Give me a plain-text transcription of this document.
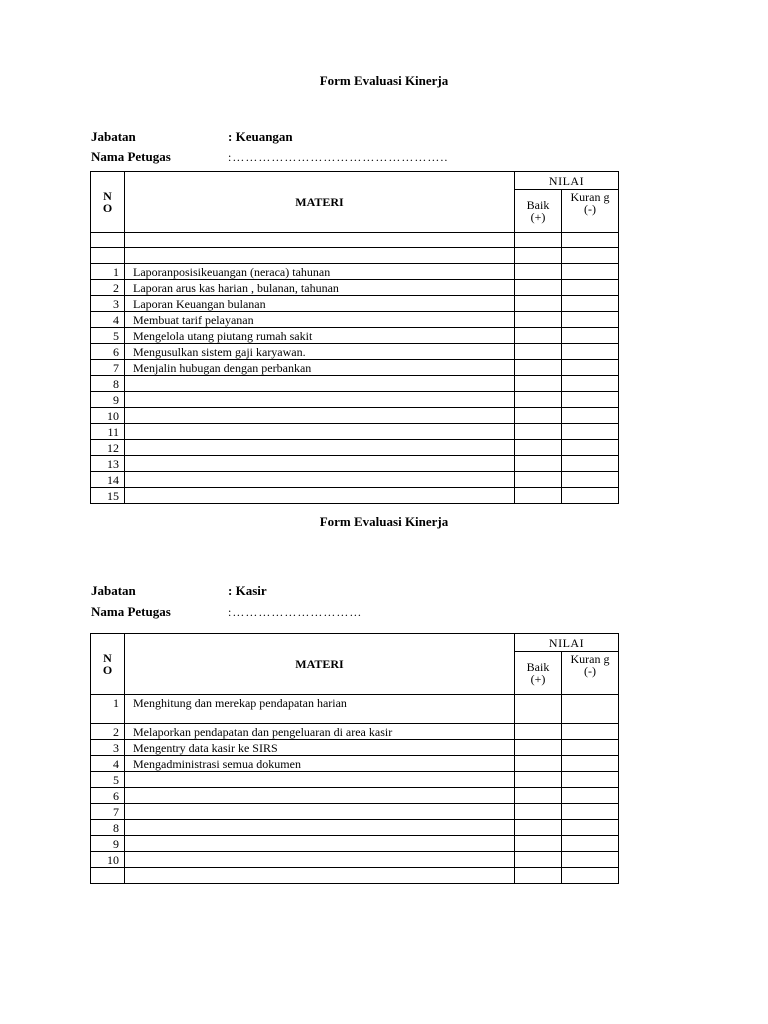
Form Evaluasi Kinerja
Jabatan	: Keuangan
Nama Petugas	:…………………………………………..
N O	MATERI	NILAI	
		Baik (+)	Kuran g (-)

1	Laporanposisikeuangan (neraca) tahunan		
2	Laporan arus kas harian , bulanan, tahunan		
3	Laporan Keuangan bulanan		
4	Membuat tarif pelayanan		
5	Mengelola utang piutang rumah sakit		
6	Mengusulkan sistem gaji karyawan.		
7	Menjalin hubugan dengan perbankan		
8			
9			
10			
11			
12			
13			
14			
15			
Form Evaluasi Kinerja
Jabatan	: Kasir
Nama Petugas	:…………………………
N O	MATERI	NILAI	
		Baik (+)	Kuran g (-)
1	Menghitung dan merekap pendapatan harian		
2	Melaporkan pendapatan dan pengeluaran di area kasir		
3	Mengentry data kasir ke SIRS		
4	Mengadministrasi semua dokumen		
5			
6			
7			
8			
9			
10			
